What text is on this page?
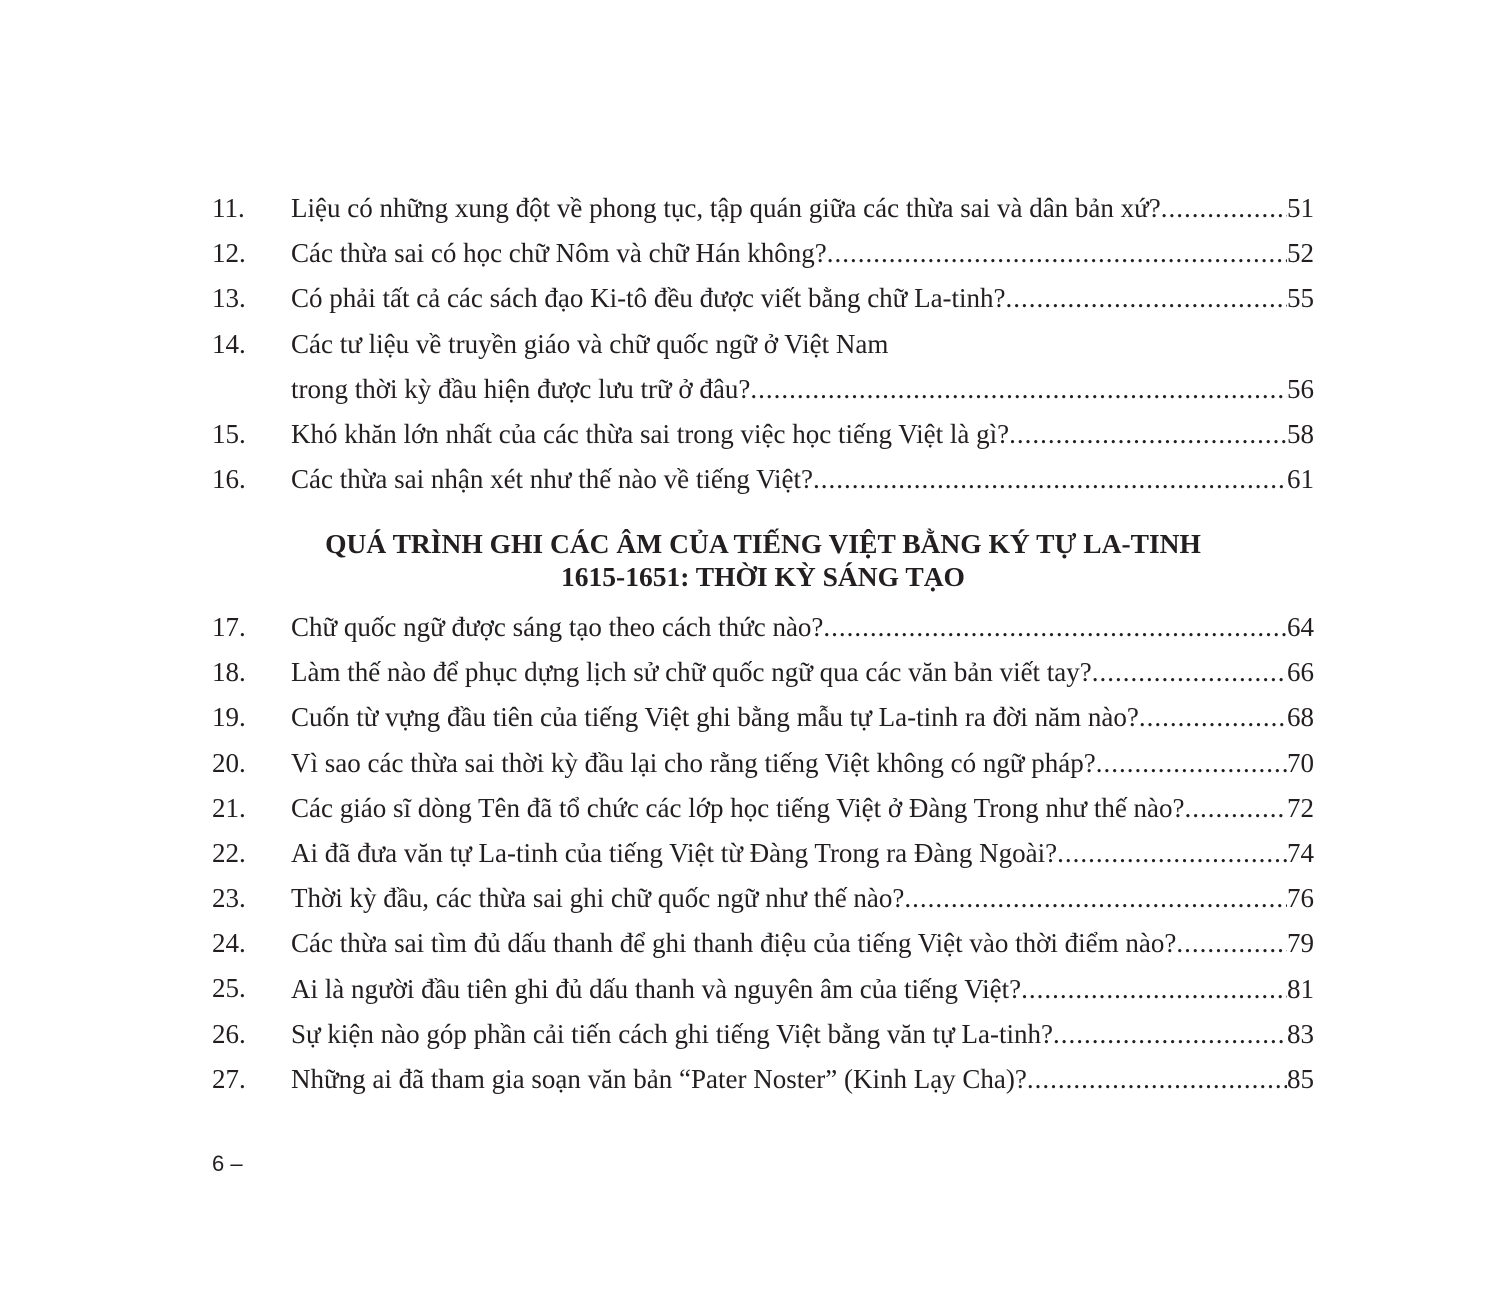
11.	Liệu có những xung đột về phong tục, tập quán giữa các thừa sai và dân bản xứ? .....	51
12.	Các thừa sai có học chữ Nôm và chữ Hán không? .....	52
13.	Có phải tất cả các sách đạo Ki-tô đều được viết bằng chữ La-tinh? .....	55
14.	Các tư liệu về truyền giáo và chữ quốc ngữ ở Việt Nam
trong thời kỳ đầu hiện được lưu trữ ở đâu? .....	56
15.	Khó khăn lớn nhất của các thừa sai trong việc học tiếng Việt là gì? .....	58
16.	Các thừa sai nhận xét như thế nào về tiếng Việt? .....	61
QUÁ TRÌNH GHI CÁC ÂM CỦA TIẾNG VIỆT BẰNG KÝ TỰ LA-TINH
1615-1651: THỜI KỲ SÁNG TẠO
17.	Chữ quốc ngữ được sáng tạo theo cách thức nào? .....	64
18.	Làm thế nào để phục dựng lịch sử chữ quốc ngữ qua các văn bản viết tay? .....	66
19.	Cuốn từ vựng đầu tiên của tiếng Việt ghi bằng mẫu tự La-tinh ra đời năm nào? .....	68
20.	Vì sao các thừa sai thời kỳ đầu lại cho rằng tiếng Việt không có ngữ pháp? .....	70
21.	Các giáo sĩ dòng Tên đã tổ chức các lớp học tiếng Việt ở Đàng Trong như thế nào? .....	72
22.	Ai đã đưa văn tự La-tinh của tiếng Việt từ Đàng Trong ra Đàng Ngoài? .....	74
23.	Thời kỳ đầu, các thừa sai ghi chữ quốc ngữ như thế nào? .....	76
24.	Các thừa sai tìm đủ dấu thanh để ghi thanh điệu của tiếng Việt vào thời điểm nào? .....	79
25.	Ai là người đầu tiên ghi đủ dấu thanh và nguyên âm của tiếng Việt? .....	81
26.	Sự kiện nào góp phần cải tiến cách ghi tiếng Việt bằng văn tự La-tinh? .....	83
27.	Những ai đã tham gia soạn văn bản “Pater Noster” (Kinh Lạy Cha)? .....	85
6 –
